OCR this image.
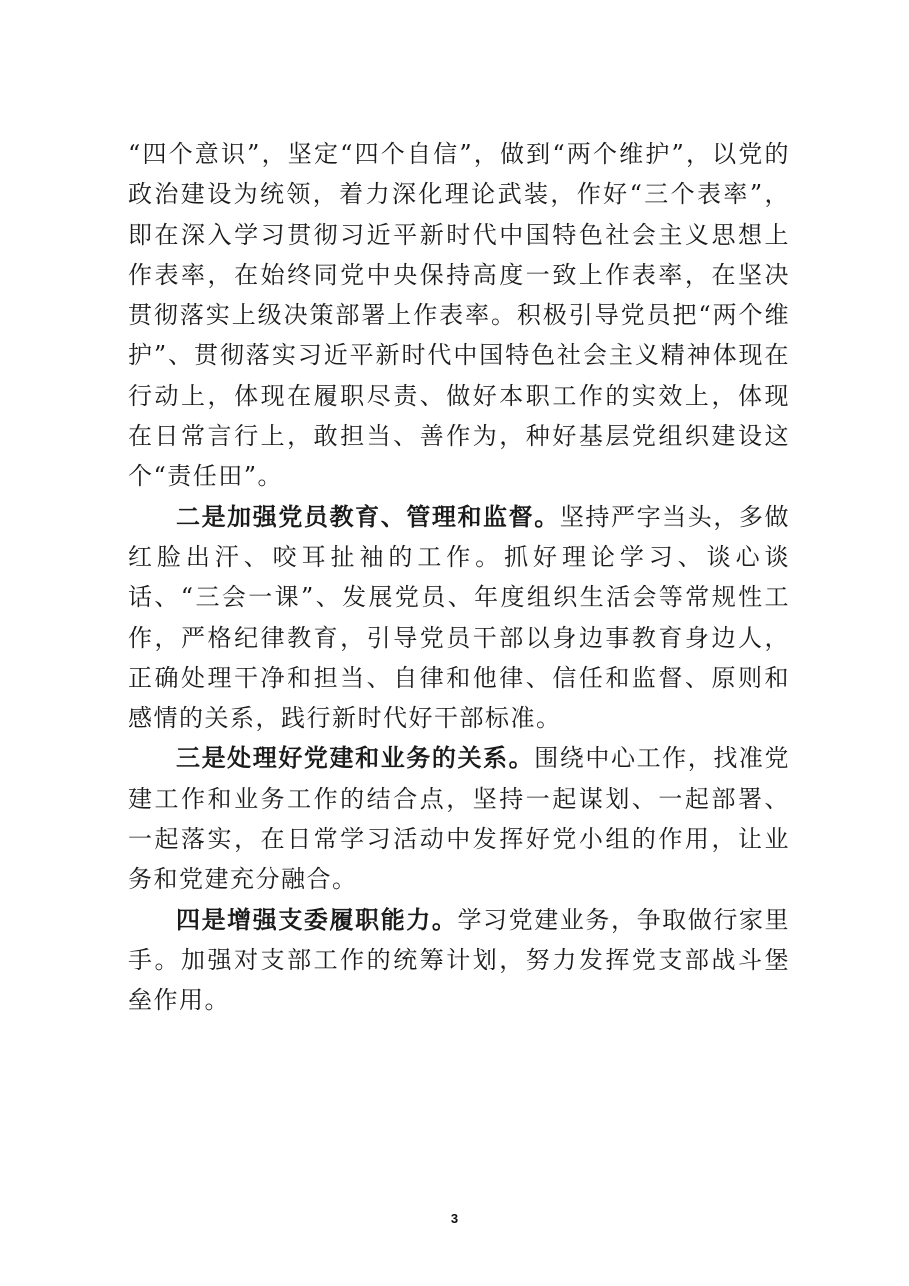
“四个意识”，坚定“四个自信”，做到“两个维护”，以党的政治建设为统领，着力深化理论武装，作好“三个表率”，即在深入学习贯彻习近平新时代中国特色社会主义思想上作表率，在始终同党中央保持高度一致上作表率，在坚决贯彻落实上级决策部署上作表率。积极引导党员把“两个维护”、贯彻落实习近平新时代中国特色社会主义精神体现在行动上，体现在履职尽责、做好本职工作的实效上，体现在日常言行上，敢担当、善作为，种好基层党组织建设这个“责任田”。

二是加强党员教育、管理和监督。坚持严字当头，多做红脸出汗、咬耳扯袖的工作。抓好理论学习、谈心谈话、“三会一课”、发展党员、年度组织生活会等常规性工作，严格纪律教育，引导党员干部以身边事教育身边人，正确处理干净和担当、自律和他律、信任和监督、原则和感情的关系，践行新时代好干部标准。

三是处理好党建和业务的关系。围绕中心工作，找准党建工作和业务工作的结合点，坚持一起谋划、一起部署、一起落实，在日常学习活动中发挥好党小组的作用，让业务和党建充分融合。

四是增强支委履职能力。学习党建业务，争取做行家里手。加强对支部工作的统筹计划，努力发挥党支部战斗堡垒作用。

3
